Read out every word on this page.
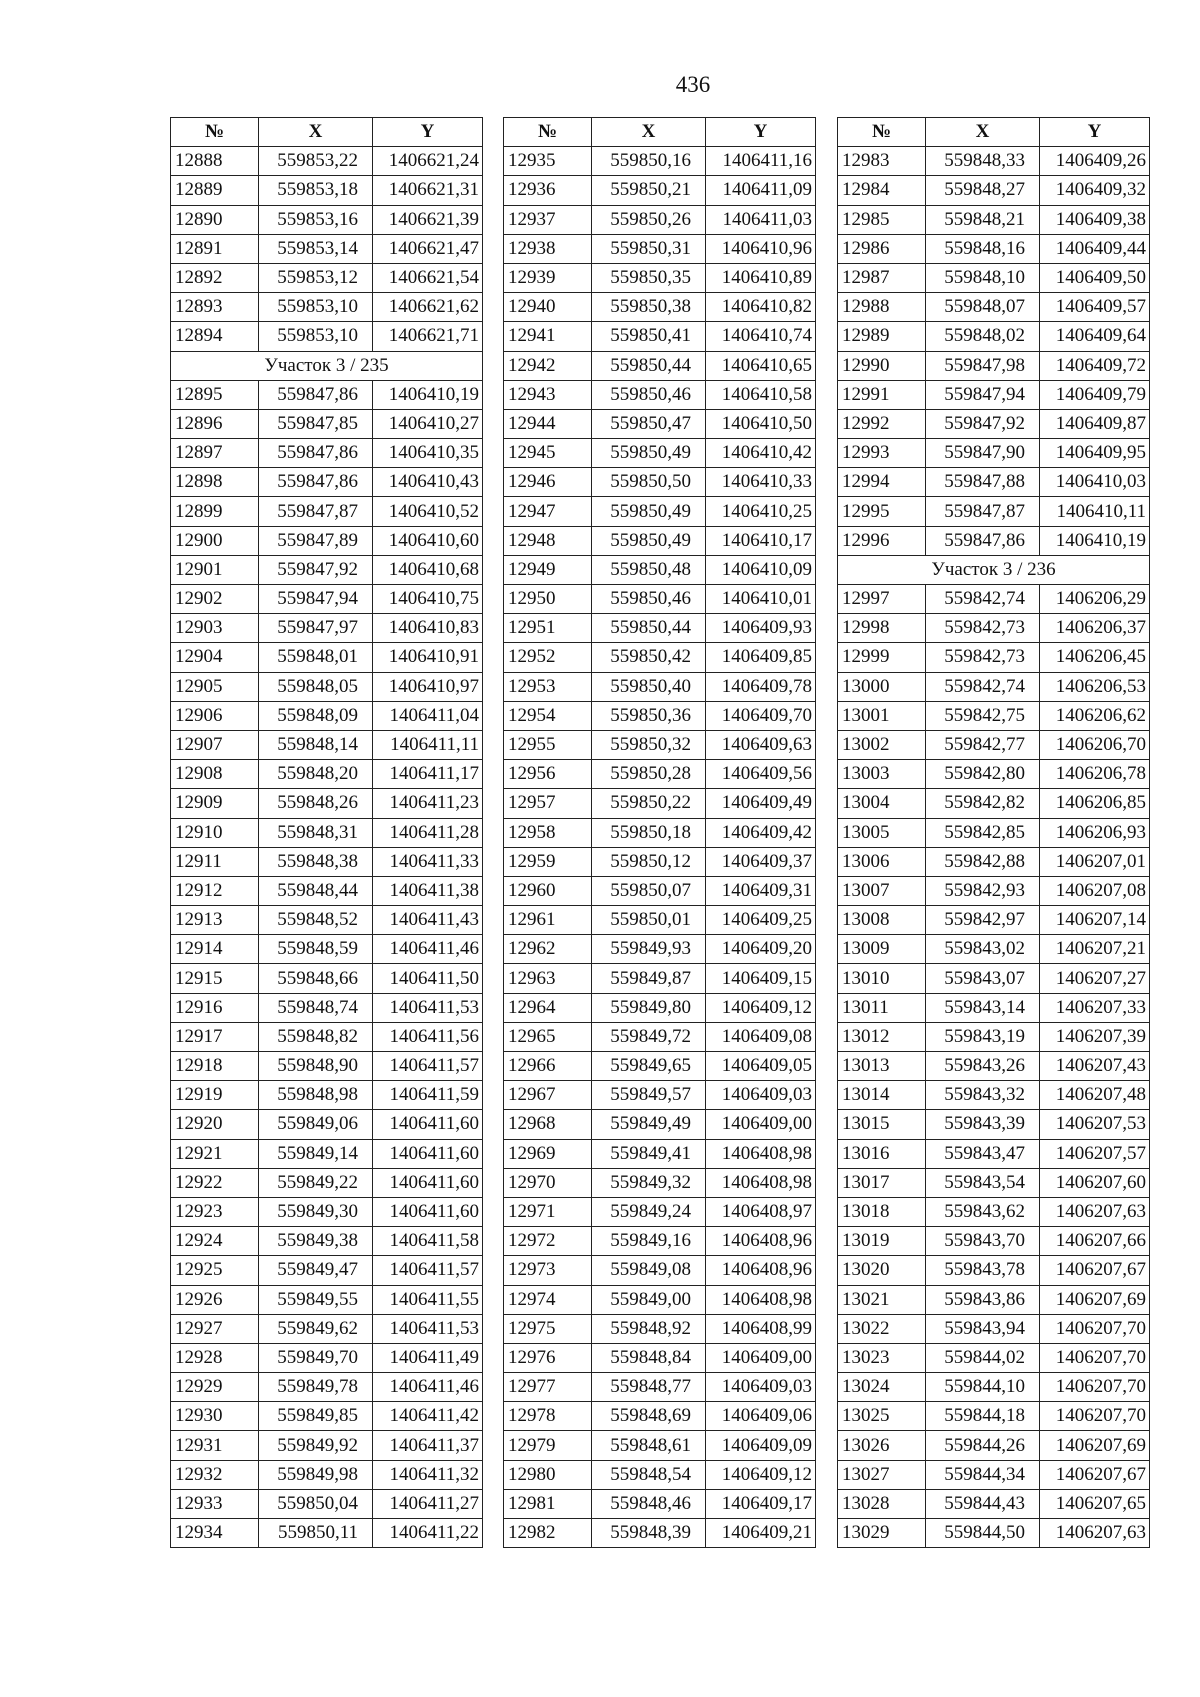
436
№	X	Y
12888	559853,22	1406621,24
12889	559853,18	1406621,31
12890	559853,16	1406621,39
12891	559853,14	1406621,47
12892	559853,12	1406621,54
12893	559853,10	1406621,62
12894	559853,10	1406621,71
Участок 3 / 235		
12895	559847,86	1406410,19
12896	559847,85	1406410,27
12897	559847,86	1406410,35
12898	559847,86	1406410,43
12899	559847,87	1406410,52
12900	559847,89	1406410,60
12901	559847,92	1406410,68
12902	559847,94	1406410,75
12903	559847,97	1406410,83
12904	559848,01	1406410,91
12905	559848,05	1406410,97
12906	559848,09	1406411,04
12907	559848,14	1406411,11
12908	559848,20	1406411,17
12909	559848,26	1406411,23
12910	559848,31	1406411,28
12911	559848,38	1406411,33
12912	559848,44	1406411,38
12913	559848,52	1406411,43
12914	559848,59	1406411,46
12915	559848,66	1406411,50
12916	559848,74	1406411,53
12917	559848,82	1406411,56
12918	559848,90	1406411,57
12919	559848,98	1406411,59
12920	559849,06	1406411,60
12921	559849,14	1406411,60
12922	559849,22	1406411,60
12923	559849,30	1406411,60
12924	559849,38	1406411,58
12925	559849,47	1406411,57
12926	559849,55	1406411,55
12927	559849,62	1406411,53
12928	559849,70	1406411,49
12929	559849,78	1406411,46
12930	559849,85	1406411,42
12931	559849,92	1406411,37
12932	559849,98	1406411,32
12933	559850,04	1406411,27
12934	559850,11	1406411,22
№	X	Y
12935	559850,16	1406411,16
12936	559850,21	1406411,09
12937	559850,26	1406411,03
12938	559850,31	1406410,96
12939	559850,35	1406410,89
12940	559850,38	1406410,82
12941	559850,41	1406410,74
12942	559850,44	1406410,65
12943	559850,46	1406410,58
12944	559850,47	1406410,50
12945	559850,49	1406410,42
12946	559850,50	1406410,33
12947	559850,49	1406410,25
12948	559850,49	1406410,17
12949	559850,48	1406410,09
12950	559850,46	1406410,01
12951	559850,44	1406409,93
12952	559850,42	1406409,85
12953	559850,40	1406409,78
12954	559850,36	1406409,70
12955	559850,32	1406409,63
12956	559850,28	1406409,56
12957	559850,22	1406409,49
12958	559850,18	1406409,42
12959	559850,12	1406409,37
12960	559850,07	1406409,31
12961	559850,01	1406409,25
12962	559849,93	1406409,20
12963	559849,87	1406409,15
12964	559849,80	1406409,12
12965	559849,72	1406409,08
12966	559849,65	1406409,05
12967	559849,57	1406409,03
12968	559849,49	1406409,00
12969	559849,41	1406408,98
12970	559849,32	1406408,98
12971	559849,24	1406408,97
12972	559849,16	1406408,96
12973	559849,08	1406408,96
12974	559849,00	1406408,98
12975	559848,92	1406408,99
12976	559848,84	1406409,00
12977	559848,77	1406409,03
12978	559848,69	1406409,06
12979	559848,61	1406409,09
12980	559848,54	1406409,12
12981	559848,46	1406409,17
12982	559848,39	1406409,21
№	X	Y
12983	559848,33	1406409,26
12984	559848,27	1406409,32
12985	559848,21	1406409,38
12986	559848,16	1406409,44
12987	559848,10	1406409,50
12988	559848,07	1406409,57
12989	559848,02	1406409,64
12990	559847,98	1406409,72
12991	559847,94	1406409,79
12992	559847,92	1406409,87
12993	559847,90	1406409,95
12994	559847,88	1406410,03
12995	559847,87	1406410,11
12996	559847,86	1406410,19
Участок 3 / 236		
12997	559842,74	1406206,29
12998	559842,73	1406206,37
12999	559842,73	1406206,45
13000	559842,74	1406206,53
13001	559842,75	1406206,62
13002	559842,77	1406206,70
13003	559842,80	1406206,78
13004	559842,82	1406206,85
13005	559842,85	1406206,93
13006	559842,88	1406207,01
13007	559842,93	1406207,08
13008	559842,97	1406207,14
13009	559843,02	1406207,21
13010	559843,07	1406207,27
13011	559843,14	1406207,33
13012	559843,19	1406207,39
13013	559843,26	1406207,43
13014	559843,32	1406207,48
13015	559843,39	1406207,53
13016	559843,47	1406207,57
13017	559843,54	1406207,60
13018	559843,62	1406207,63
13019	559843,70	1406207,66
13020	559843,78	1406207,67
13021	559843,86	1406207,69
13022	559843,94	1406207,70
13023	559844,02	1406207,70
13024	559844,10	1406207,70
13025	559844,18	1406207,70
13026	559844,26	1406207,69
13027	559844,34	1406207,67
13028	559844,43	1406207,65
13029	559844,50	1406207,63
